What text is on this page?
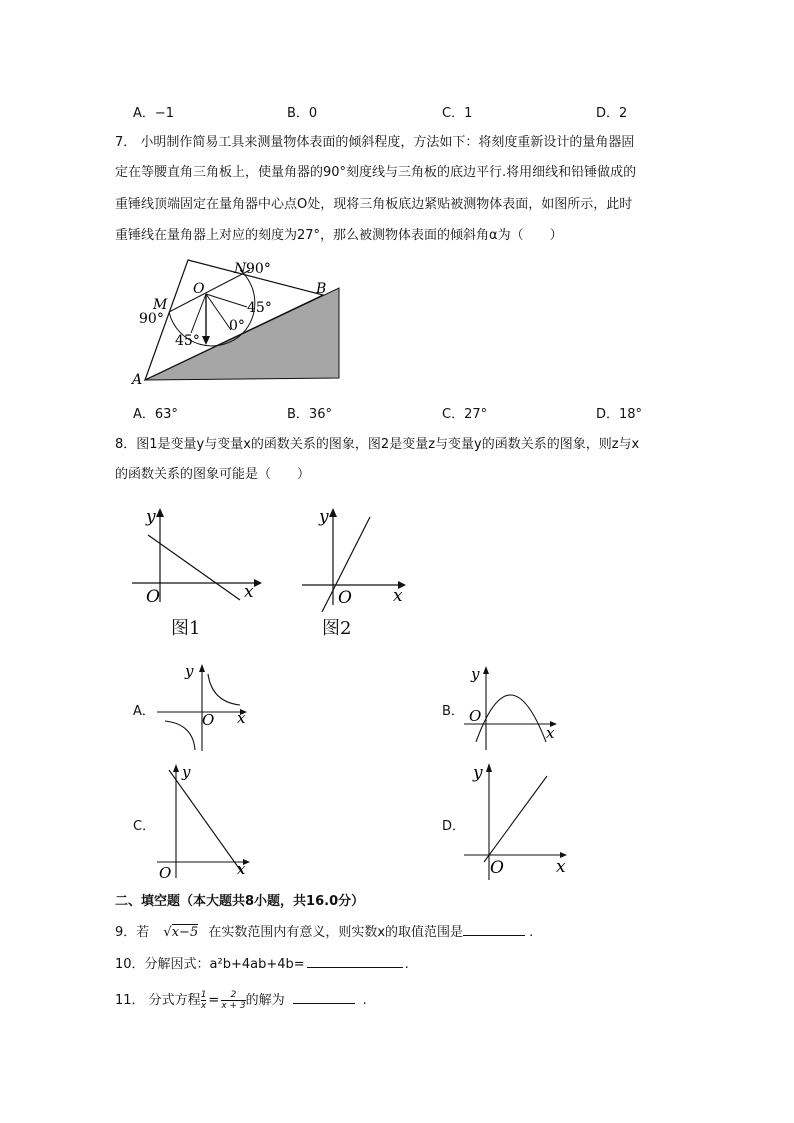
A．−1	B．0	C．1	D．2
7． 小明制作简易工具来测量物体表面的倾斜程度，方法如下：将刻度重新设计的量角器固
定在等腰直角三角板上，使量角器的90°刻度线与三角板的底边平行.将用细线和铅锤做成的
重锤线顶端固定在量角器中心点O处，现将三角板底边紧贴被测物体表面，如图所示，此时
重锤线在量角器上对应的刻度为27°，那么被测物体表面的倾斜角α为（　　）
N 90°
O	B
M	45°
90°	0°
45°
A
A．63°	B．36°	C．27°	D．18°
8．图1是变量y与变量x的函数关系的图象，图2是变量z与变量y的函数关系的图象，则z与x
的函数关系的图象可能是（　　）
y
x
O
图1
y
x
O
图2
A．
y
x
O	B．
y
x
O
C．
y
x
O
D．
y
x
O
二、填空题（本大题共8小题，共16.0分）
9．若 √x−5 在实数范围内有意义，则实数x的取值范围是	.
10．分解因式：a²b+4ab+4b=	.
11． 分式方程 $\frac{1}{x} = \frac{2}{x + 3}$ 的解为	.
